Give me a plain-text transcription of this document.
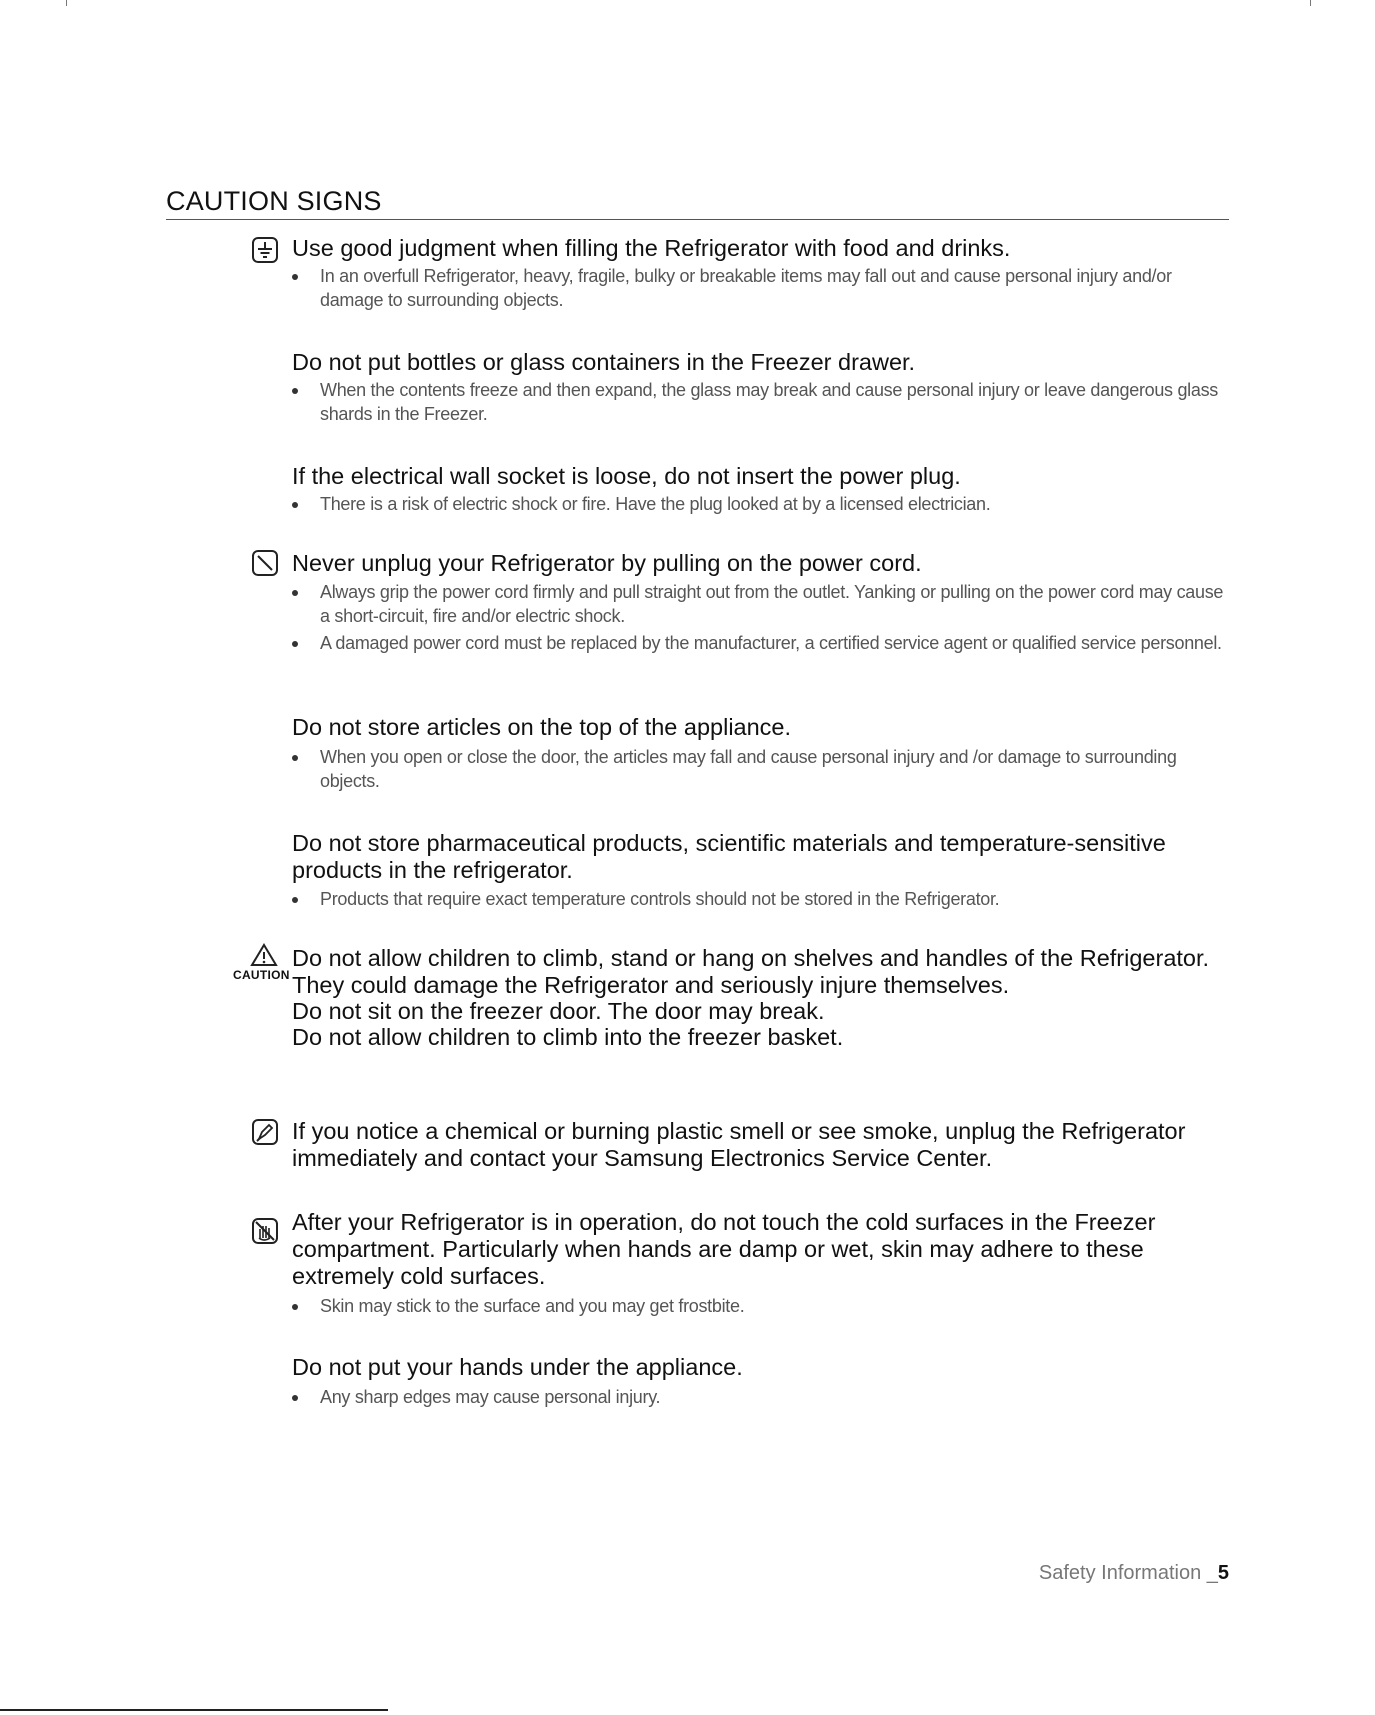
CAUTION SIGNS
Use good judgment when filling the Refrigerator with food and drinks.
In an overfull Refrigerator, heavy, fragile, bulky or breakable items may fall out and cause personal injury and/or damage to surrounding objects.
Do not put bottles or glass containers in the Freezer drawer.
When the contents freeze and then expand, the glass may break and cause personal injury or leave dangerous glass shards in the Freezer.
If the electrical wall socket is loose, do not insert the power plug.
There is a risk of electric shock or fire. Have the plug looked at by a licensed electrician.
Never unplug your Refrigerator by pulling on the power cord.
Always grip the power cord firmly and pull straight out from the outlet. Yanking or pulling on the power cord may cause a short-circuit, fire and/or electric shock.
A damaged power cord must be replaced by the manufacturer, a certified service agent or qualified service personnel.
Do not store articles on the top of the appliance.
When you open or close the door, the articles may fall and cause personal injury and /or damage to surrounding objects.
Do not store pharmaceutical products, scientific materials and temperature-sensitive products in the refrigerator.
Products that require exact temperature controls should not be stored in the Refrigerator.
CAUTION
Do not allow children to climb, stand or hang on shelves and handles of the Refrigerator. They could damage the Refrigerator and seriously injure themselves.
Do not sit on the freezer door. The door may break.
Do not allow children to climb into the freezer basket.
If you notice a chemical or burning plastic smell or see smoke, unplug the Refrigerator immediately and contact your Samsung Electronics Service Center.
After your Refrigerator is in operation, do not touch the cold surfaces in the Freezer compartment. Particularly when hands are damp or wet, skin may adhere to these extremely cold surfaces.
Skin may stick to the surface and you may get frostbite.
Do not put your hands under the appliance.
Any sharp edges may cause personal injury.
Safety Information _5
